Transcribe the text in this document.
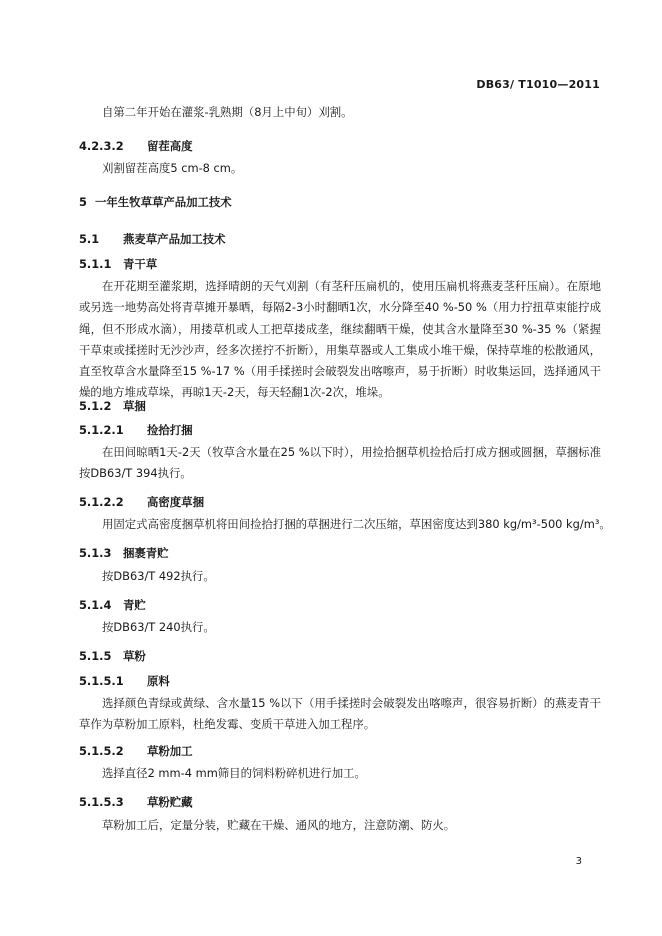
DB63/ T1010—2011
自第二年开始在灌浆-乳熟期（8月上中旬）刈割。
4.2.3.2 留茬高度
刈割留茬高度5 cm-8 cm。
5 一年生牧草草产品加工技术
5.1 燕麦草产品加工技术
5.1.1 青干草
在开花期至灌浆期，选择晴朗的天气刈割（有茎秆压扁机的，使用压扁机将燕麦茎秆压扁）。在原地或另选一地势高处将青草摊开暴晒，每隔2-3小时翻晒1次，水分降至40 %-50 %（用力拧扭草束能拧成绳，但不形成水滴），用搂草机或人工把草搂成垄，继续翻晒干燥，使其含水量降至30 %-35 %（紧握干草束或揉搓时无沙沙声，经多次搓拧不折断），用集草器或人工集成小堆干燥，保持草堆的松散通风，直至牧草含水量降至15 %-17 %（用手揉搓时会破裂发出喀嚓声，易于折断）时收集运回，选择通风干燥的地方堆成草垛，再晾1天-2天，每天轻翻1次-2次，堆垛。
5.1.2 草捆
5.1.2.1 捡拾打捆
在田间晾晒1天-2天（牧草含水量在25 %以下时），用捡拾捆草机捡拾后打成方捆或圆捆，草捆标准按DB63/T 394执行。
5.1.2.2 高密度草捆
用固定式高密度捆草机将田间捡拾打捆的草捆进行二次压缩，草困密度达到380 kg/m³-500 kg/m³。
5.1.3 捆裹青贮
按DB63/T 492执行。
5.1.4 青贮
按DB63/T 240执行。
5.1.5 草粉
5.1.5.1 原料
选择颜色青绿或黄绿、含水量15 %以下（用手揉搓时会破裂发出喀嚓声，很容易折断）的燕麦青干草作为草粉加工原料，杜绝发霉、变质干草进入加工程序。
5.1.5.2 草粉加工
选择直径2 mm-4 mm筛目的饲料粉碎机进行加工。
5.1.5.3 草粉贮藏
草粉加工后，定量分装，贮藏在干燥、通风的地方，注意防潮、防火。
3
